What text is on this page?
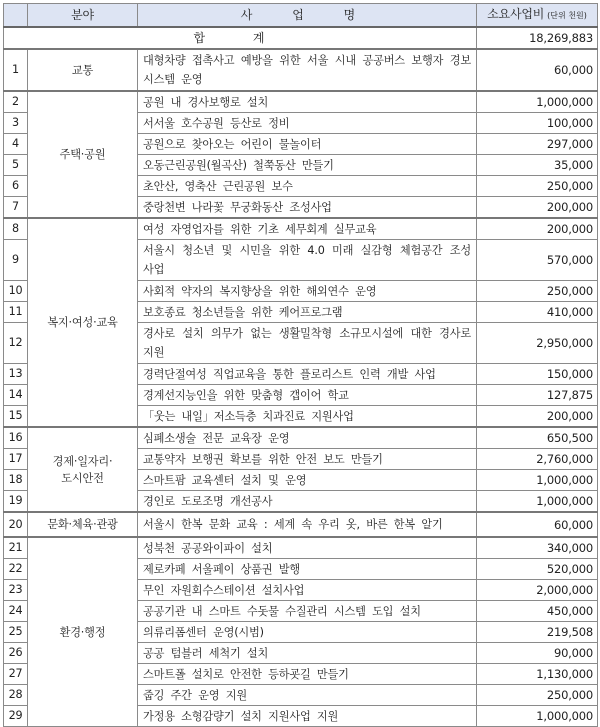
	분야	사 업 명	소요사업비 (단위 천원)
합 계			18,269,883
1	교통	대형차량 접촉사고 예방을 위한 서울 시내 공공버스 보행자 경보시스템 운영	60,000
2	주택·공원	공원 내 경사보행로 설치	1,000,000
3		서서울 호수공원 등산로 정비	100,000
4		공원으로 찾아오는 어린이 물놀이터	297,000
5		오동근린공원(월곡산) 철쭉동산 만들기	35,000
6		초안산, 영축산 근린공원 보수	250,000
7		중랑천변 나라꽃 무궁화동산 조성사업	200,000
8	복지·여성·교육	여성 자영업자를 위한 기초 세무회계 실무교육	200,000
9		서울시 청소년 및 시민을 위한 4.0 미래 실감형 체험공간 조성사업	570,000
10		사회적 약자의 복지향상을 위한 해외연수 운영	250,000
11		보호종료 청소년들을 위한 케어프로그램	410,000
12		경사로 설치 의무가 없는 생활밀착형 소규모시설에 대한 경사로 지원	2,950,000
13		경력단절여성 직업교육을 통한 플로리스트 인력 개발 사업	150,000
14		경계선지능인을 위한 맞춤형 갭이어 학교	127,875
15		「웃는 내일」저소득층 치과진료 지원사업	200,000
16	경제·일자리·도시안전	심폐소생술 전문 교육장 운영	650,500
17		교통약자 보행권 확보를 위한 안전 보도 만들기	2,760,000
18		스마트팜 교육센터 설치 및 운영	1,000,000
19		경인로 도로조명 개선공사	1,000,000
20	문화·체육·관광	서울시 한복 문화 교육 : 세계 속 우리 옷, 바른 한복 알기	60,000
21	환경·행정	성북천 공공와이파이 설치	340,000
22		제로카페 서울페이 상품권 발행	520,000
23		무인 자원회수스테이션 설치사업	2,000,000
24		공공기관 내 스마트 수돗물 수질관리 시스템 도입 설치	450,000
25		의류리폼센터 운영(시범)	219,508
26		공공 텀블러 세척기 설치	90,000
27		스마트폴 설치로 안전한 등하굣길 만들기	1,130,000
28		줍깅 주간 운영 지원	250,000
29		가정용 소형감량기 설치 지원사업 지원	1,000,000
